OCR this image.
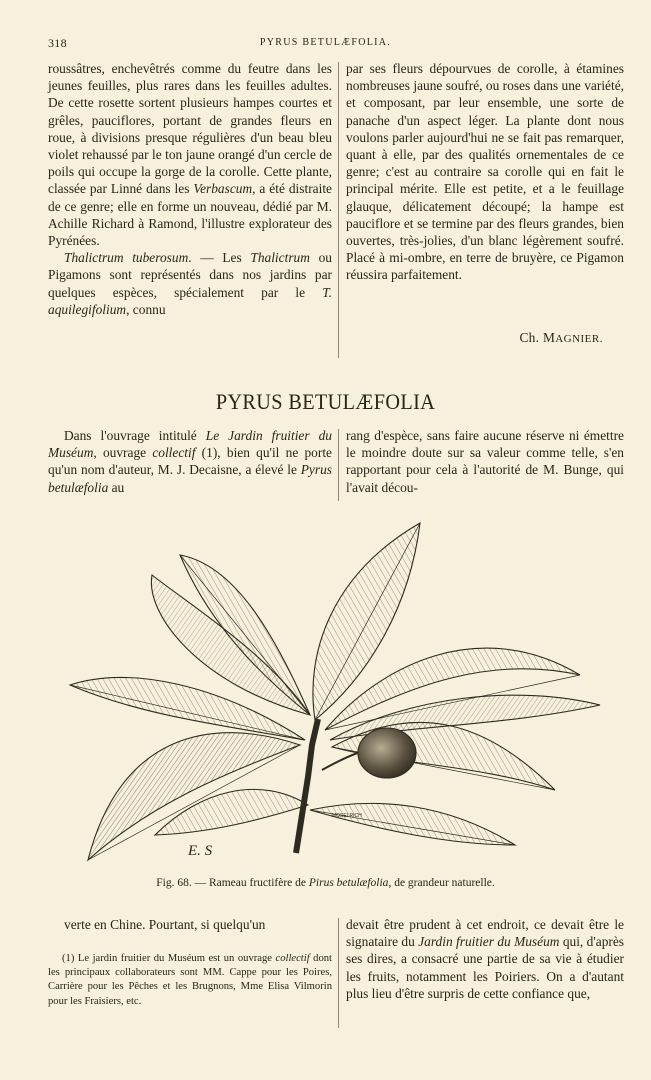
318	PYRUS BETULÆFOLIA.

roussâtres, enchevêtrés comme du feutre dans les jeunes feuilles, plus rares dans les feuilles adultes. De cette rosette sortent plusieurs hampes courtes et grêles, pauciflores, portant de grandes fleurs en roue, à divisions presque régulières d'un beau bleu violet rehaussé par le ton jaune orangé d'un cercle de poils qui occupe la gorge de la corolle. Cette plante, classée par Linné dans les Verbascum, a été distraite de ce genre; elle en forme un nouveau, dédié par M. Achille Richard à Ramond, l'illustre explorateur des Pyrénées.

Thalictrum tuberosum. — Les Thalictrum ou Pigamons sont représentés dans nos jardins par quelques espèces, spécialement par le T. aquilegifolium, connu

par ses fleurs dépourvues de corolle, à étamines nombreuses jaune soufré, ou roses dans une variété, et composant, par leur ensemble, une sorte de panache d'un aspect léger. La plante dont nous voulons parler aujourd'hui ne se fait pas remarquer, quant à elle, par des qualités ornementales de ce genre; c'est au contraire sa corolle qui en fait le principal mérite. Elle est petite, et a le feuillage glauque, délicatement découpé; la hampe est pauciflore et se termine par des fleurs grandes, bien ouvertes, très-jolies, d'un blanc légèrement soufré. Placé à mi-ombre, en terre de bruyère, ce Pigamon réussira parfaitement.

Ch. MAGNIER.
PYRUS BETULÆFOLIA

Dans l'ouvrage intitulé Le Jardin fruitier du Muséum, ouvrage collectif (1), bien qu'il ne porte qu'un nom d'auteur, M. J. Decaisne, a élevé le Pyrus betulæfolia au

rang d'espèce, sans faire aucune réserve ni émettre le moindre doute sur sa valeur comme telle, s'en rapportant pour cela à l'autorité de M. Bunge, qui l'avait décou-

E. S
MOSELRICH
Fig. 68. — Rameau fructifère de Pirus betulæfolia, de grandeur naturelle.
verte en Chine. Pourtant, si quelqu'un

(1) Le jardin fruitier du Muséum est un ouvrage collectif dont les principaux collaborateurs sont MM. Cappe pour les Poires, Carrière pour les Pêches et les Brugnons, Mme Elisa Vilmorin pour les Fraisiers, etc.

devait être prudent à cet endroit, ce devait être le signataire du Jardin fruitier du Muséum qui, d'après ses dires, a consacré une partie de sa vie à étudier les fruits, notamment les Poiriers. On a d'autant plus lieu d'être surpris de cette confiance que,
